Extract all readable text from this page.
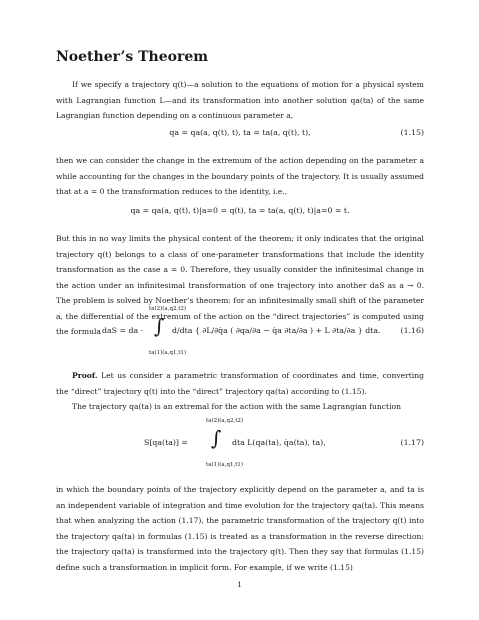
Noether’s Theorem

If we specify a trajectory q(t)—a solution to the equations of motion for a physical system with Lagrangian function L—and its transformation into another solution qa(ta) of the same Lagrangian function depending on a continuous parameter a,

qa = qa(a, q(t), t), ta = ta(a, q(t), t),	(1.15)

then we can consider the change in the extremum of the action depending on the parameter a while accounting for the changes in the boundary points of the trajectory. It is usually assumed that at a = 0 the transformation reduces to the identity, i.e.,

qa = qa(a, q(t), t)|a=0 = q(t), ta = ta(a, q(t), t)|a=0 = t.

But this in no way limits the physical content of the theorem; it only indicates that the original trajectory q(t) belongs to a class of one-parameter transformations that include the identity transformation as the case a = 0. Therefore, they usually consider the infinitesimal change in the action under an infinitesimal transformation of one trajectory into another daS as a → 0. The problem is solved by Noether’s theorem: for an infinitesimally small shift of the parameter a, the differential of the extremum of the action on the “direct trajectories” is computed using the formula daS = da ·
ta(2)(a,q2,t2)
∫
ta(1)(a,q1,t1)
d/dta { ∂L/∂q̇a ( ∂qa/∂a − q̇a ∂ta/∂a ) + L ∂ta/∂a } dta.	(1.16)

Proof. Let us consider a parametric transformation of coordinates and time, converting the “direct” trajectory q(t) into the “direct” trajectory qa(ta) according to (1.15).

The trajectory qa(ta) is an extremal for the action with the same Lagrangian function

S[qa(ta)] =
ta(2)(a,q2,t2)
∫
ta(1)(a,q1,t1)
dta L(qa(ta), q̇a(ta), ta),	(1.17)

in which the boundary points of the trajectory explicitly depend on the parameter a, and ta is an independent variable of integration and time evolution for the trajectory qa(ta). This means that when analyzing the action (1.17), the parametric transformation of the trajectory q(t) into the trajectory qa(ta) in formulas (1.15) is treated as a transformation in the reverse direction: the trajectory qa(ta) is transformed into the trajectory q(t). Then they say that formulas (1.15) define such a transformation in implicit form. For example, if we write (1.15)

1
